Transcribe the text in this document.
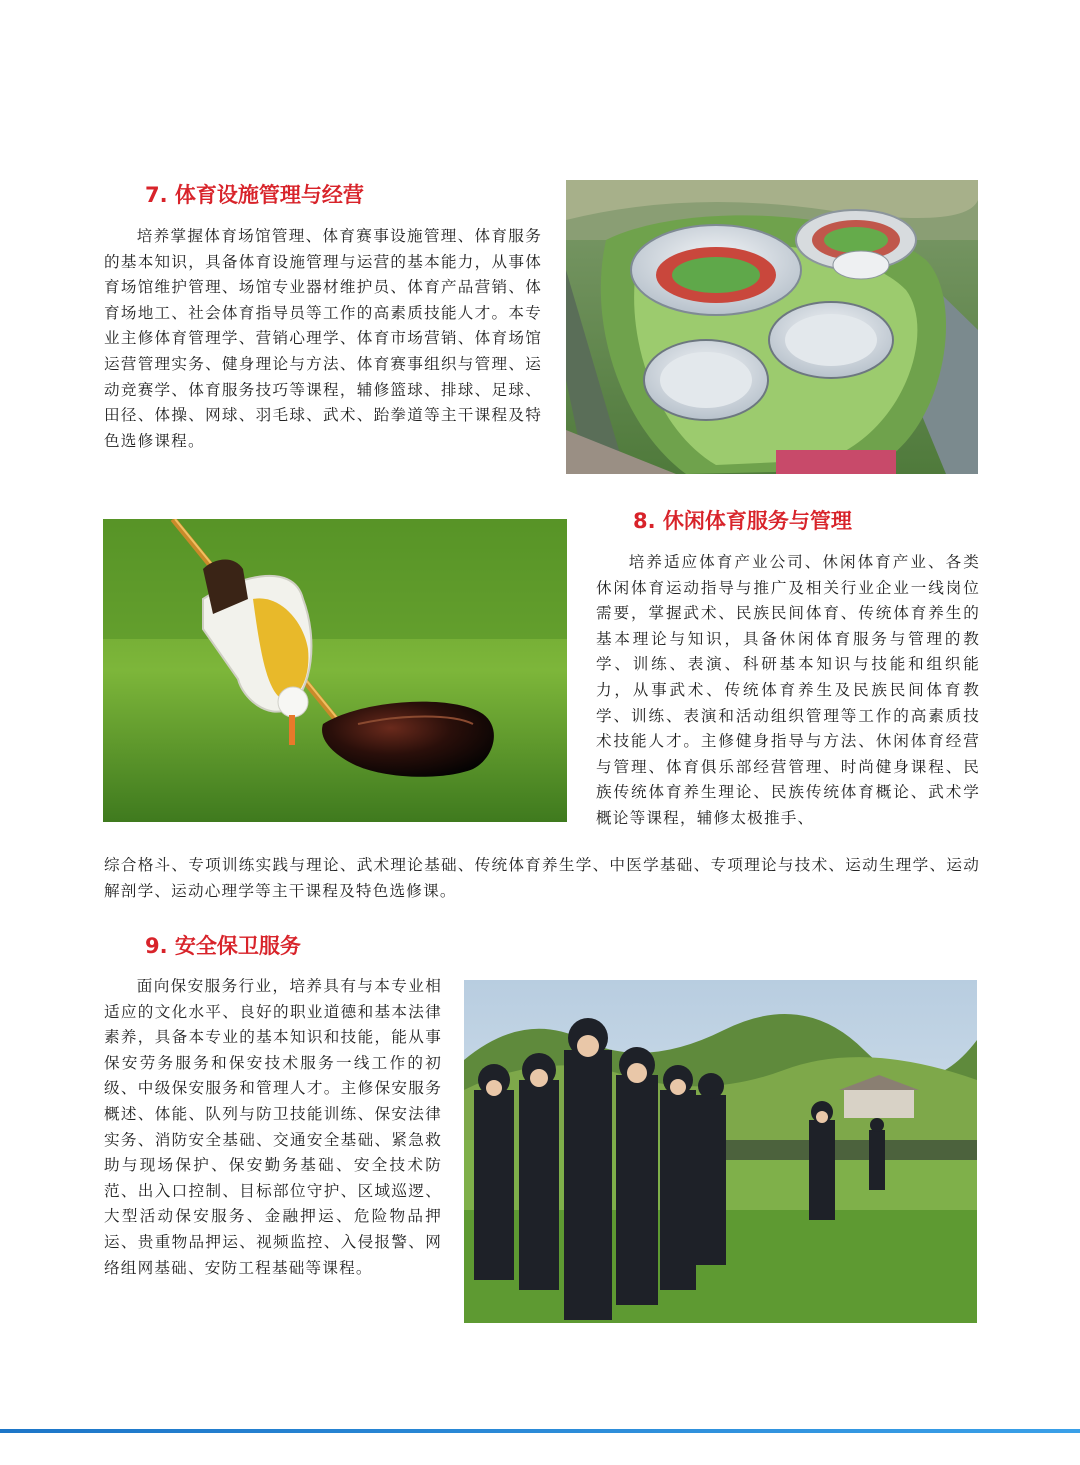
7. 体育设施管理与经营

培养掌握体育场馆管理、体育赛事设施管理、体育服务的基本知识，具备体育设施管理与运营的基本能力，从事体育场馆维护管理、场馆专业器材维护员、体育产品营销、体育场地工、社会体育指导员等工作的高素质技能人才。本专业主修体育管理学、营销心理学、体育市场营销、体育场馆运营管理实务、健身理论与方法、体育赛事组织与管理、运动竞赛学、体育服务技巧等课程，辅修篮球、排球、足球、田径、体操、网球、羽毛球、武术、跆拳道等主干课程及特色选修课程。

8. 休闲体育服务与管理

培养适应体育产业公司、休闲体育产业、各类休闲体育运动指导与推广及相关行业企业一线岗位需要，掌握武术、民族民间体育、传统体育养生的基本理论与知识，具备休闲体育服务与管理的教学、训练、表演、科研基本知识与技能和组织能力，从事武术、传统体育养生及民族民间体育教学、训练、表演和活动组织管理等工作的高素质技术技能人才。主修健身指导与方法、休闲体育经营与管理、体育俱乐部经营管理、时尚健身课程、民族传统体育养生理论、民族传统体育概论、武术学概论等课程，辅修太极推手、

综合格斗、专项训练实践与理论、武术理论基础、传统体育养生学、中医学基础、专项理论与技术、运动生理学、运动解剖学、运动心理学等主干课程及特色选修课。

9. 安全保卫服务

面向保安服务行业，培养具有与本专业相适应的文化水平、良好的职业道德和基本法律素养，具备本专业的基本知识和技能，能从事保安劳务服务和保安技术服务一线工作的初级、中级保安服务和管理人才。主修保安服务概述、体能、队列与防卫技能训练、保安法律实务、消防安全基础、交通安全基础、紧急救助与现场保护、保安勤务基础、安全技术防范、出入口控制、目标部位守护、区域巡逻、大型活动保安服务、金融押运、危险物品押运、贵重物品押运、视频监控、入侵报警、网络组网基础、安防工程基础等课程。
